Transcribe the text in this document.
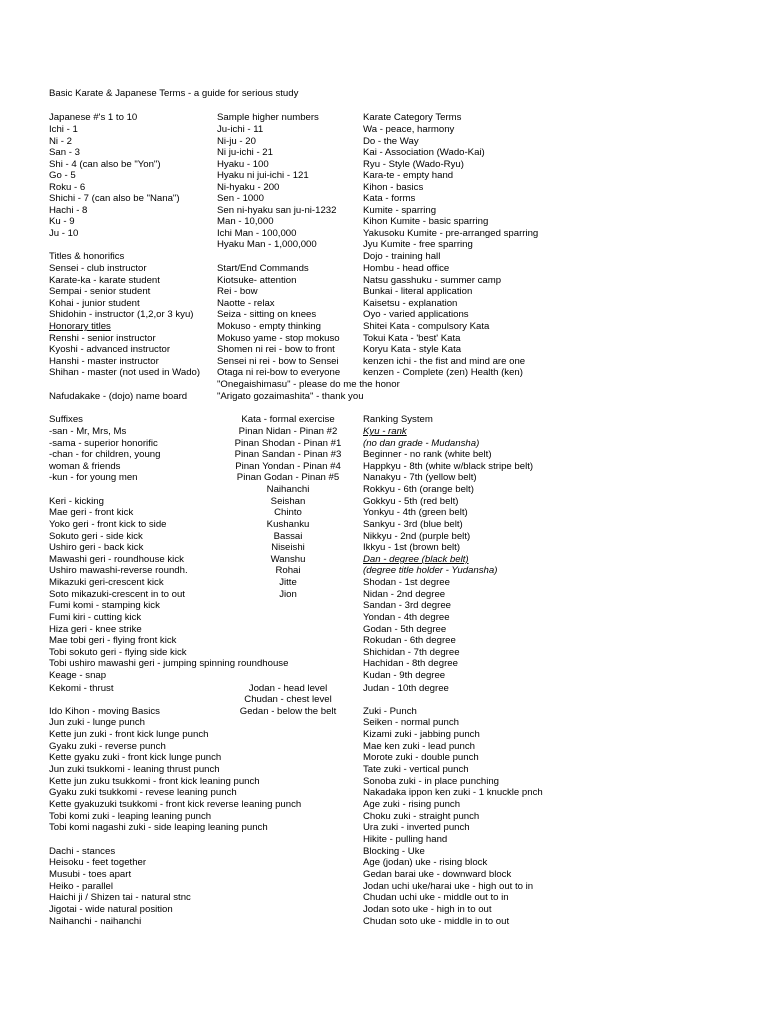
Basic Karate & Japanese Terms - a guide for serious study
Japanese #'s 1 to 10
Ichi - 1
Ni - 2
San - 3
Shi - 4 (can also be "Yon")
Go - 5
Roku - 6
Shichi - 7 (can also be "Nana")
Hachi - 8
Ku - 9
Ju - 10
Titles & honorifics
Sensei - club instructor
Karate-ka - karate student
Sempai - senior student
Kohai - junior student
Shidohin - instructor (1,2,or 3 kyu)
Honorary titles
Renshi - senior instructor
Kyoshi - advanced instructor
Hanshi - master instructor
Shihan - master (not used in Wado)
Nafudakake - (dojo) name board
Suffixes
-san - Mr, Mrs, Ms
-sama - superior honorific
-chan - for children, young
woman & friends
-kun - for young men
Keri - kicking
Mae geri - front kick
Yoko geri - front kick to side
Sokuto geri - side kick
Ushiro geri - back kick
Mawashi geri - roundhouse kick
Ushiro mawashi-reverse roundh.
Mikazuki geri-crescent kick
Soto mikazuki-crescent in to out
Fumi komi - stamping kick
Fumi kiri - cutting kick
Hiza geri - knee strike
Mae tobi geri - flying front kick
Tobi sokuto geri - flying side kick
Tobi ushiro mawashi geri - jumping spinning roundhouse
Keage - snap
Kekomi - thrust
Ido Kihon - moving Basics
Jun zuki - lunge punch
Kette jun zuki - front kick lunge punch
Gyaku zuki - reverse punch
Kette gyaku zuki - front kick lunge punch
Jun zuki tsukkomi - leaning thrust punch
Kette jun zuku tsukkomi - front kick leaning punch
Gyaku zuki tsukkomi - revese leaning punch
Kette gyakuzuki tsukkomi - front kick reverse leaning punch
Tobi komi zuki - leaping leaning punch
Tobi komi nagashi zuki - side leaping leaning punch
Dachi - stances
Heisoku - feet together
Musubi - toes apart
Heiko - parallel
Haichi ji / Shizen tai - natural stnc
Jigotai - wide natural position
Naihanchi - naihanchi
Sample higher numbers
Ju-ichi - 11
Ni-ju - 20
Ni ju-ichi - 21
Hyaku - 100
Hyaku ni jui-ichi - 121
Ni-hyaku - 200
Sen - 1000
Sen ni-hyaku san ju-ni-1232
Man - 10,000
Ichi Man - 100,000
Hyaku Man - 1,000,000
Start/End Commands
Kiotsuke- attention
Rei - bow
Naotte - relax
Seiza - sitting on knees
Mokuso - empty thinking
Mokuso yame - stop mokuso
Shomen ni rei - bow to front
Sensei ni rei - bow to Sensei
Otaga ni rei-bow to everyone
"Onegaishimasu" - please do me the honor
"Arigato gozaimashita" - thank you
Kata - formal exercise
Pinan Nidan - Pinan #2
Pinan Shodan - Pinan #1
Pinan Sandan - Pinan #3
Pinan Yondan - Pinan #4
Pinan Godan - Pinan #5
Naihanchi
Seishan
Chinto
Kushanku
Bassai
Niseishi
Wanshu
Rohai
Jitte
Jion
Jodan - head level
Chudan - chest level
Gedan - below the belt
Karate Category Terms
Wa - peace, harmony
Do - the Way
Kai - Association (Wado-Kai)
Ryu - Style (Wado-Ryu)
Kara-te - empty hand
Kihon - basics
Kata - forms
Kumite - sparring
Kihon Kumite - basic sparring
Yakusoku Kumite - pre-arranged sparring
Jyu Kumite - free sparring
Dojo - training hall
Hombu - head office
Natsu gasshuku - summer camp
Bunkai - literal application
Kaisetsu - explanation
Oyo - varied applications
Shitei Kata - compulsory Kata
Tokui Kata - 'best' Kata
Koryu Kata - style Kata
kenzen ichi - the fist and mind are one
kenzen - Complete (zen) Health (ken)
Ranking System
Kyu - rank
(no dan grade - Mudansha)
Beginner - no rank (white belt)
Happkyu - 8th (white w/black stripe belt)
Nanakyu - 7th (yellow belt)
Rokkyu - 6th (orange belt)
Gokkyu - 5th (red belt)
Yonkyu - 4th (green belt)
Sankyu - 3rd (blue belt)
Nikkyu - 2nd (purple belt)
Ikkyu - 1st (brown belt)
Dan - degree (black belt)
(degree title holder - Yudansha)
Shodan - 1st degree
Nidan - 2nd degree
Sandan - 3rd degree
Yondan - 4th degree
Godan - 5th degree
Rokudan - 6th degree
Shichidan - 7th degree
Hachidan - 8th degree
Kudan - 9th degree
Judan - 10th degree
Zuki - Punch
Seiken - normal punch
Kizami zuki - jabbing punch
Mae ken zuki - lead punch
Morote zuki - double punch
Tate zuki - vertical punch
Sonoba zuki - in place punching
Nakadaka ippon ken zuki - 1 knuckle pnch
Age zuki - rising punch
Choku zuki - straight punch
Ura zuki - inverted punch
Hikite - pulling hand
Blocking - Uke
Age (jodan) uke - rising block
Gedan barai uke - downward block
Jodan uchi uke/harai uke - high out to in
Chudan uchi uke - middle out to in
Jodan soto uke - high in to out
Chudan soto uke - middle in to out
